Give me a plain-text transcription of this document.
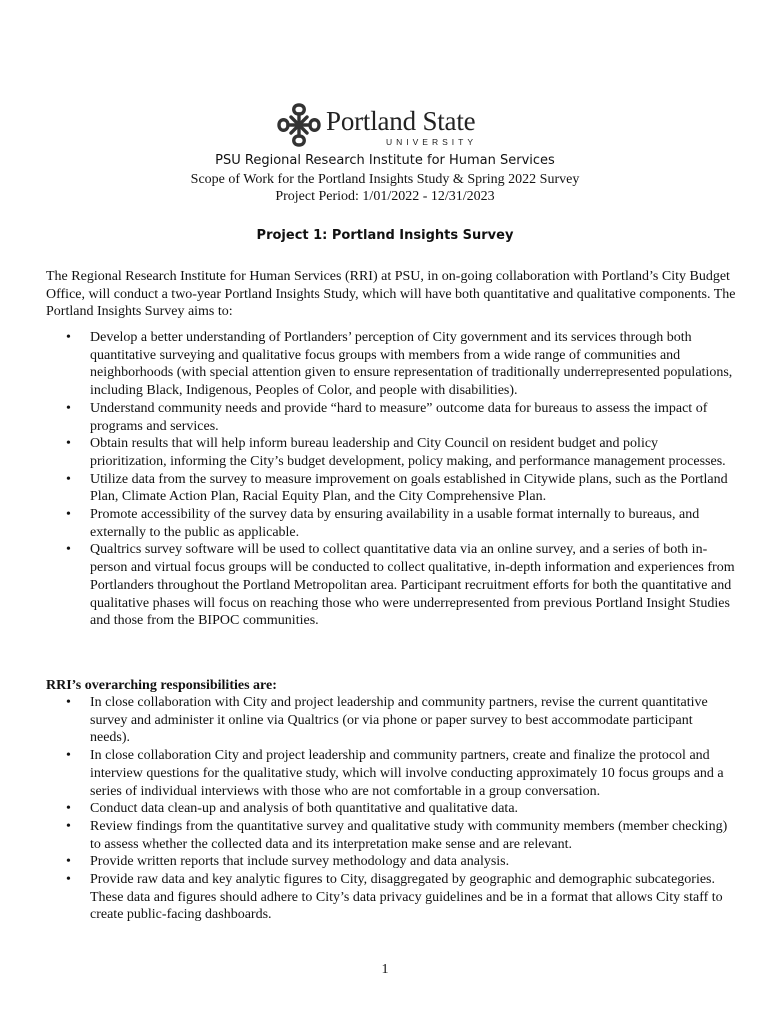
Portland State
UNIVERSITY
PSU Regional Research Institute for Human Services
Scope of Work for the Portland Insights Study & Spring 2022 Survey
Project Period: 1/01/2022 - 12/31/2023
Project 1: Portland Insights Survey
The Regional Research Institute for Human Services (RRI) at PSU, in on-going collaboration with Portland’s City Budget Office, will conduct a two-year Portland Insights Study, which will have both quantitative and qualitative components. The Portland Insights Survey aims to:
• Develop a better understanding of Portlanders’ perception of City government and its services through both quantitative surveying and qualitative focus groups with members from a wide range of communities and neighborhoods (with special attention given to ensure representation of traditionally underrepresented populations, including Black, Indigenous, Peoples of Color, and people with disabilities).
• Understand community needs and provide “hard to measure” outcome data for bureaus to assess the impact of programs and services.
• Obtain results that will help inform bureau leadership and City Council on resident budget and policy prioritization, informing the City’s budget development, policy making, and performance management processes.
• Utilize data from the survey to measure improvement on goals established in Citywide plans, such as the Portland Plan, Climate Action Plan, Racial Equity Plan, and the City Comprehensive Plan.
• Promote accessibility of the survey data by ensuring availability in a usable format internally to bureaus, and externally to the public as applicable.
• Qualtrics survey software will be used to collect quantitative data via an online survey, and a series of both in-person and virtual focus groups will be conducted to collect qualitative, in-depth information and experiences from Portlanders throughout the Portland Metropolitan area. Participant recruitment efforts for both the quantitative and qualitative phases will focus on reaching those who were underrepresented from previous Portland Insight Studies and those from the BIPOC communities.
RRI’s overarching responsibilities are:
• In close collaboration with City and project leadership and community partners, revise the current quantitative survey and administer it online via Qualtrics (or via phone or paper survey to best accommodate participant needs).
• In close collaboration City and project leadership and community partners, create and finalize the protocol and interview questions for the qualitative study, which will involve conducting approximately 10 focus groups and a series of individual interviews with those who are not comfortable in a group conversation.
• Conduct data clean-up and analysis of both quantitative and qualitative data.
• Review findings from the quantitative survey and qualitative study with community members (member checking) to assess whether the collected data and its interpretation make sense and are relevant.
• Provide written reports that include survey methodology and data analysis.
• Provide raw data and key analytic figures to City, disaggregated by geographic and demographic subcategories. These data and figures should adhere to City’s data privacy guidelines and be in a format that allows City staff to create public-facing dashboards.
1
